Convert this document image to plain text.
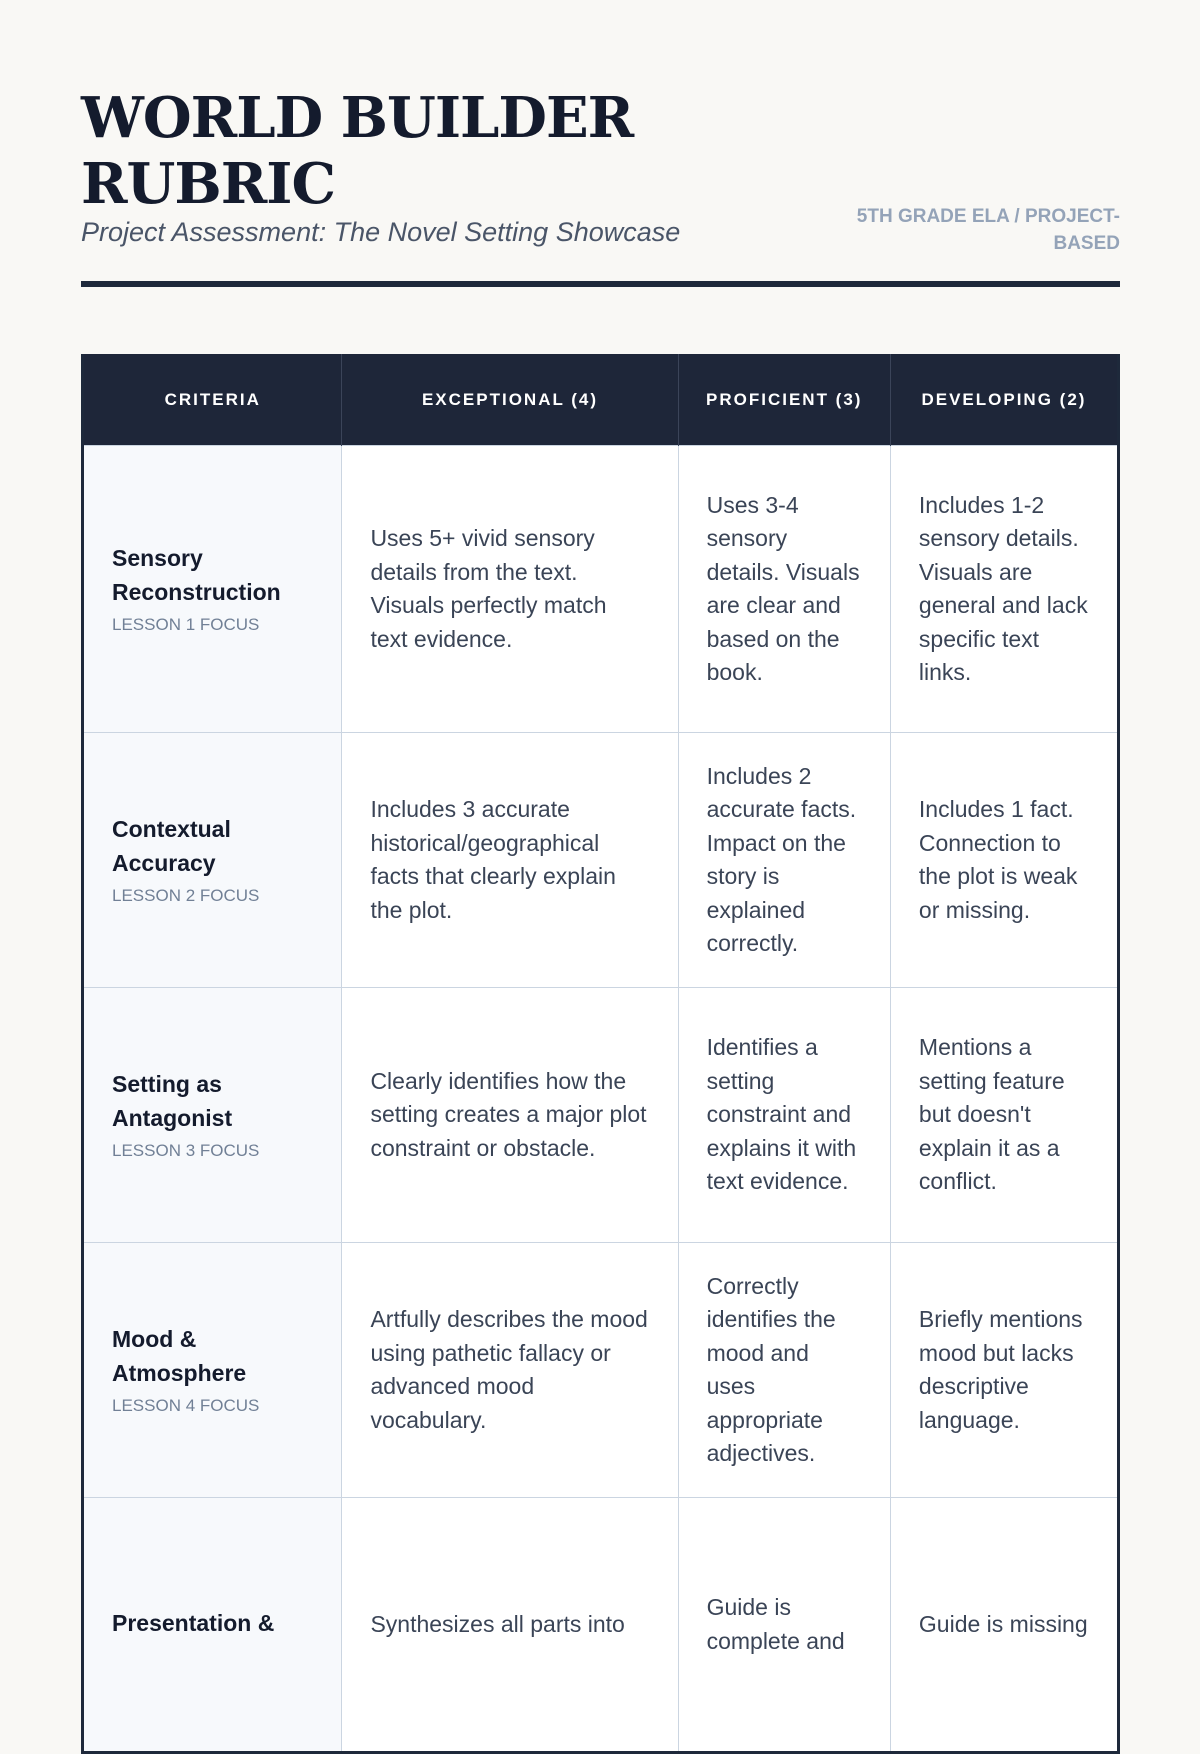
WORLD BUILDER RUBRIC
Project Assessment: The Novel Setting Showcase
5TH GRADE ELA / PROJECT-BASED
CRITERIA	EXCEPTIONAL (4)	PROFICIENT (3)	DEVELOPING (2)

Sensory Reconstruction
LESSON 1 FOCUS	Uses 5+ vivid sensory details from the text. Visuals perfectly match text evidence.	Uses 3-4 sensory details. Visuals are clear and based on the book.	Includes 1-2 sensory details. Visuals are general and lack specific text links.

Contextual Accuracy
LESSON 2 FOCUS	Includes 3 accurate historical/geographical facts that clearly explain the plot.	Includes 2 accurate facts. Impact on the story is explained correctly.	Includes 1 fact. Connection to the plot is weak or missing.

Setting as Antagonist
LESSON 3 FOCUS	Clearly identifies how the setting creates a major plot constraint or obstacle.	Identifies a setting constraint and explains it with text evidence.	Mentions a setting feature but doesn't explain it as a conflict.

Mood & Atmosphere
LESSON 4 FOCUS	Artfully describes the mood using pathetic fallacy or advanced mood vocabulary.	Correctly identifies the mood and uses appropriate adjectives.	Briefly mentions mood but lacks descriptive language.

Presentation &	Synthesizes all parts into	Guide is complete and	Guide is missing
